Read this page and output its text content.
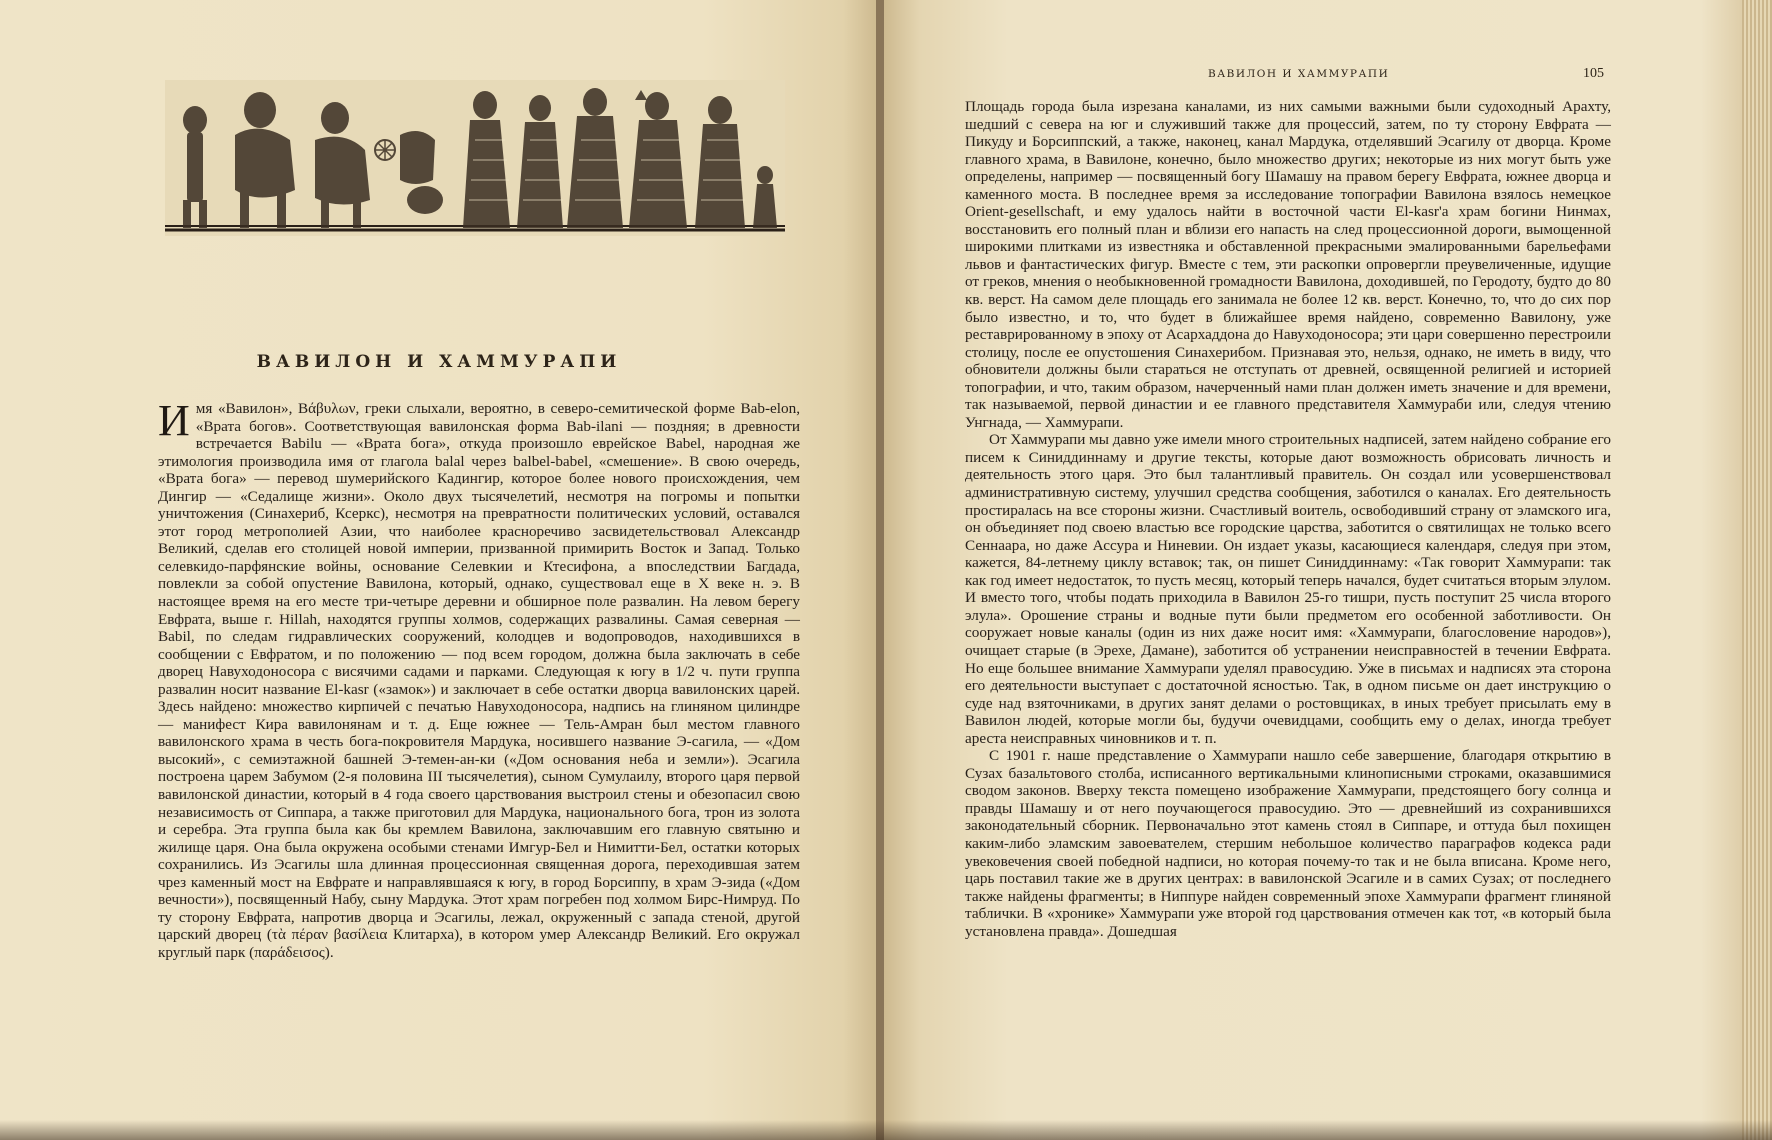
ВАВИЛОН И ХАММУРАПИ
Имя «Вавилон», Βάβυλων, греки слыхали, вероятно, в северо-семитической форме Bab-elon, «Врата богов». Соответствующая вавилонская форма Bab-ilani — поздняя; в древности встречается Babilu — «Врата бога», откуда произошло еврейское Babel, народная же этимология производила имя от глагола balal через balbel-babel, «смешение». В свою очередь, «Врата бога» — перевод шумерийского Кадингир, которое более нового происхождения, чем Дингир — «Седалище жизни». Около двух тысячелетий, несмотря на погромы и попытки уничтожения (Синахериб, Ксеркс), несмотря на превратности политических условий, оставался этот город метрополией Азии, что наиболее красноречиво засвидетельствовал Александр Великий, сделав его столицей новой империи, призванной примирить Восток и Запад. Только селевкидо-парфянские войны, основание Селевкии и Ктесифона, а впоследствии Багдада, повлекли за собой опустение Вавилона, который, однако, существовал еще в X веке н. э. В настоящее время на его месте три-четыре деревни и обширное поле развалин. На левом берегу Евфрата, выше г. Hillah, находятся группы холмов, содержащих развалины. Самая северная — Babil, по следам гидравлических сооружений, колодцев и водопроводов, находившихся в сообщении с Евфратом, и по положению — под всем городом, должна была заключать в себе дворец Навуходоносора с висячими садами и парками. Следующая к югу в 1/2 ч. пути группа развалин носит название El-kasr («замок») и заключает в себе остатки дворца вавилонских царей. Здесь найдено: множество кирпичей с печатью Навуходоносора, надпись на глиняном цилиндре — манифест Кира вавилонянам и т. д. Еще южнее — Тель-Амран был местом главного вавилонского храма в честь бога-покровителя Мардука, носившего название Э-сагила, — «Дом высокий», с семиэтажной башней Э-темен-ан-ки («Дом основания неба и земли»). Эсагила построена царем Забумом (2-я половина III тысячелетия), сыном Сумулаилу, второго царя первой вавилонской династии, который в 4 года своего царствования выстроил стены и обезопасил свою независимость от Сиппара, а также приготовил для Мардука, национального бога, трон из золота и серебра. Эта группа была как бы кремлем Вавилона, заключавшим его главную святыню и жилище царя. Она была окружена особыми стенами Имгур-Бел и Нимитти-Бел, остатки которых сохранились. Из Эсагилы шла длинная процессионная священная дорога, переходившая затем чрез каменный мост на Евфрате и направлявшаяся к югу, в город Борсиппу, в храм Э-зида («Дом вечности»), посвященный Набу, сыну Мардука. Этот храм погребен под холмом Бирс-Нимруд. По ту сторону Евфрата, напротив дворца и Эсагилы, лежал, окруженный с запада стеной, другой царский дворец (τὰ πέραν βασίλεια Клитарха), в котором умер Александр Великий. Его окружал круглый парк (παράδεισος).

ВАВИЛОН И ХАММУРАПИ	105

Площадь города была изрезана каналами, из них самыми важными были судоходный Арахту, шедший с севера на юг и служивший также для процессий, затем, по ту сторону Евфрата — Пикуду и Борсиппский, а также, наконец, канал Мардука, отделявший Эсагилу от дворца. Кроме главного храма, в Вавилоне, конечно, было множество других; некоторые из них могут быть уже определены, например — посвященный богу Шамашу на правом берегу Евфрата, южнее дворца и каменного моста. В последнее время за исследование топографии Вавилона взялось немецкое Orient-gesellschaft, и ему удалось найти в восточной части El-kasr'a храм богини Нинмах, восстановить его полный план и вблизи его напасть на след процессионной дороги, вымощенной широкими плитками из известняка и обставленной прекрасными эмалированными барельефами львов и фантастических фигур. Вместе с тем, эти раскопки опровергли преувеличенные, идущие от греков, мнения о необыкновенной громадности Вавилона, доходившей, по Геродоту, будто до 80 кв. верст. На самом деле площадь его занимала не более 12 кв. верст. Конечно, то, что до сих пор было известно, и то, что будет в ближайшее время найдено, современно Вавилону, уже реставрированному в эпоху от Асархаддона до Навуходоносора; эти цари совершенно перестроили столицу, после ее опустошения Синахерибом. Признавая это, нельзя, однако, не иметь в виду, что обновители должны были стараться не отступать от древней, освященной религией и историей топографии, и что, таким образом, начерченный нами план должен иметь значение и для времени, так называемой, первой династии и ее главного представителя Хаммураби или, следуя чтению Унгнада, — Хаммурапи.

От Хаммурапи мы давно уже имели много строительных надписей, затем найдено собрание его писем к Синиддиннаму и другие тексты, которые дают возможность обрисовать личность и деятельность этого царя. Это был талантливый правитель. Он создал или усовершенствовал административную систему, улучшил средства сообщения, заботился о каналах. Его деятельность простиралась на все стороны жизни. Счастливый воитель, освободивший страну от эламского ига, он объединяет под своею властью все городские царства, заботится о святилищах не только всего Сеннаара, но даже Ассура и Ниневии. Он издает указы, касающиеся календаря, следуя при этом, кажется, 84-летнему циклу вставок; так, он пишет Синиддиннаму: «Так говорит Хаммурапи: так как год имеет недостаток, то пусть месяц, который теперь начался, будет считаться вторым элулом. И вместо того, чтобы подать приходила в Вавилон 25-го тишри, пусть поступит 25 числа второго элула». Орошение страны и водные пути были предметом его особенной заботливости. Он сооружает новые каналы (один из них даже носит имя: «Хаммурапи, благословение народов»), очищает старые (в Эрехе, Дамане), заботится об устранении неисправностей в течении Евфрата. Но еще большее внимание Хаммурапи уделял правосудию. Уже в письмах и надписях эта сторона его деятельности выступает с достаточной ясностью. Так, в одном письме он дает инструкцию о суде над взяточниками, в других занят делами о ростовщиках, в иных требует присылать ему в Вавилон людей, которые могли бы, будучи очевидцами, сообщить ему о делах, иногда требует ареста неисправных чиновников и т. п.

С 1901 г. наше представление о Хаммурапи нашло себе завершение, благодаря открытию в Сузах базальтового столба, исписанного вертикальными клинописными строками, оказавшимися сводом законов. Вверху текста помещено изображение Хаммурапи, предстоящего богу солнца и правды Шамашу и от него поучающегося правосудию. Это — древнейший из сохранившихся законодательный сборник. Первоначально этот камень стоял в Сиппаре, и оттуда был похищен каким-либо эламским завоевателем, стершим небольшое количество параграфов кодекса ради увековечения своей победной надписи, но которая почему-то так и не была вписана. Кроме него, царь поставил такие же в других центрах: в вавилонской Эсагиле и в самих Сузах; от последнего также найдены фрагменты; в Ниппуре найден современный эпохе Хаммурапи фрагмент глиняной таблички. В «хронике» Хаммурапи уже второй год царствования отмечен как тот, «в который была установлена правда». Дошедшая
